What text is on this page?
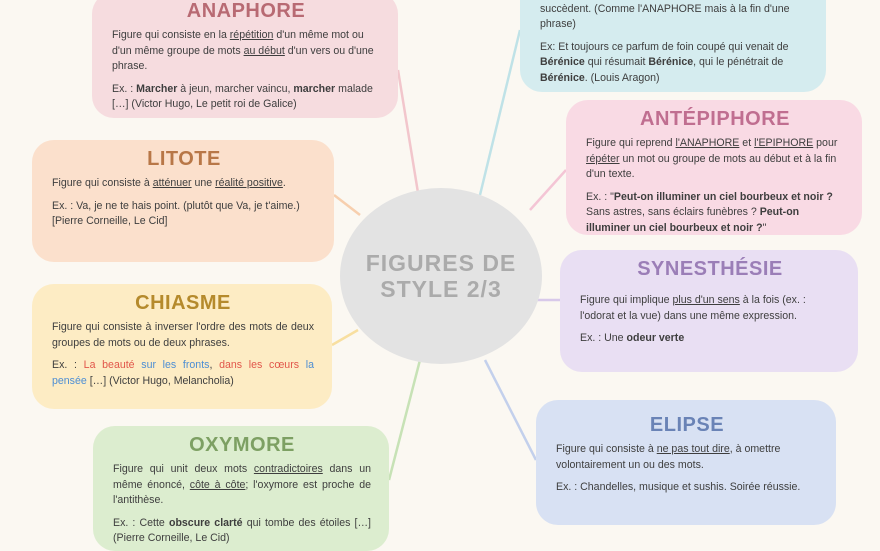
FIGURES DE
STYLE 2/3
ANAPHORE

Figure qui consiste en la répétition d'un même mot ou d'un même groupe de mots au début d'un vers ou d'une phrase.

Ex. : Marcher à jeun, marcher vaincu, marcher malade […] (Victor Hugo, Le petit roi de Galice)

LITOTE

Figure qui consiste à atténuer une réalité positive.

Ex. : Va, je ne te hais point. (plutôt que Va, je t'aime.) [Pierre Corneille, Le Cid]

CHIASME

Figure qui consiste à inverser l'ordre des mots de deux groupes de mots ou de deux phrases.

Ex. : La beauté sur les fronts, dans les cœurs la pensée […] (Victor Hugo, Melancholia)

OXYMORE

Figure qui unit deux mots contradictoires dans un même énoncé, côte à côte; l'oxymore est proche de l'antithèse.

Ex. : Cette obscure clarté qui tombe des étoiles […] (Pierre Corneille, Le Cid)

succèdent. (Comme l'ANAPHORE mais à la fin d'une phrase)

Ex: Et toujours ce parfum de foin coupé qui venait de Bérénice qui résumait Bérénice, qui le pénétrait de Bérénice. (Louis Aragon)

ANTÉPIPHORE

Figure qui reprend l'ANAPHORE et l'EPIPHORE pour répéter un mot ou groupe de mots au début et à la fin d'un texte.

Ex. : "Peut-on illuminer un ciel bourbeux et noir ? Sans astres, sans éclairs funèbres ? Peut-on illuminer un ciel bourbeux et noir ?"

SYNESTHÉSIE

Figure qui implique plus d'un sens à la fois (ex. : l'odorat et la vue) dans une même expression.

Ex. : Une odeur verte

ELIPSE

Figure qui consiste à ne pas tout dire, à omettre volontairement un ou des mots.

Ex. : Chandelles, musique et sushis. Soirée réussie.
